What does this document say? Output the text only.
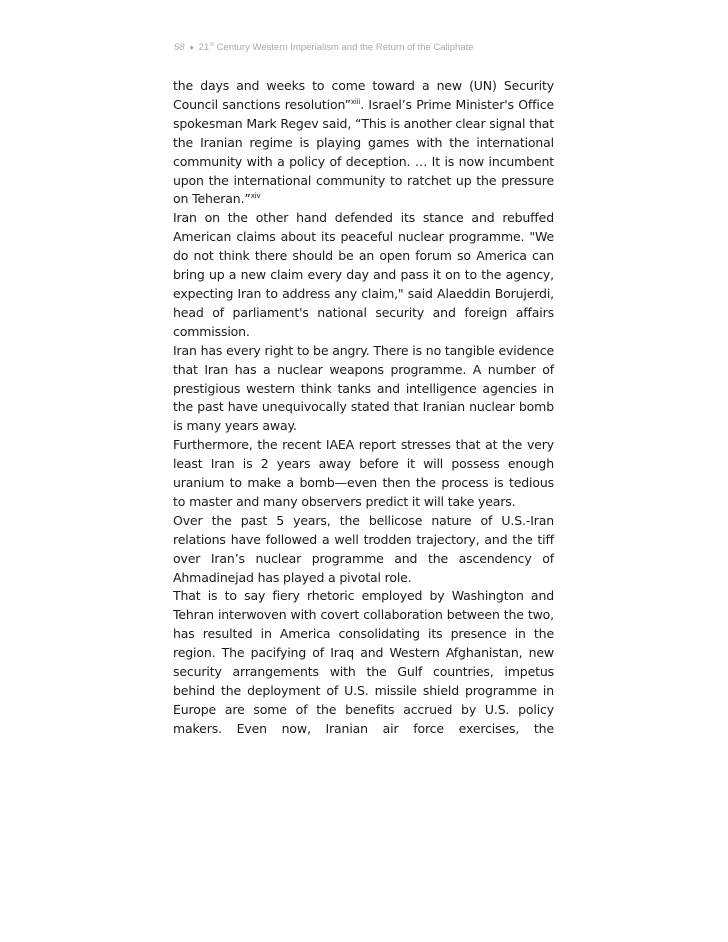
58 ♦ 21st Century Western Imperialism and the Return of the Caliphate

the days and weeks to come toward a new (UN) Security Council sanctions resolution”$^{xiii}$. Israel’s Prime Minister's Office spokesman Mark Regev said, “This is another clear signal that the Iranian regime is playing games with the international community with a policy of deception. … It is now incumbent upon the international community to ratchet up the pressure on Teheran.”$^{xiv}$

Iran on the other hand defended its stance and rebuffed American claims about its peaceful nuclear programme. "We do not think there should be an open forum so America can bring up a new claim every day and pass it on to the agency, expecting Iran to address any claim," said Alaeddin Borujerdi, head of parliament's national security and foreign affairs commission.

Iran has every right to be angry. There is no tangible evidence that Iran has a nuclear weapons programme. A number of prestigious western think tanks and intelligence agencies in the past have unequivocally stated that Iranian nuclear bomb is many years away.

Furthermore, the recent IAEA report stresses that at the very least Iran is 2 years away before it will possess enough uranium to make a bomb—even then the process is tedious to master and many observers predict it will take years.

Over the past 5 years, the bellicose nature of U.S.-Iran relations have followed a well trodden trajectory, and the tiff over Iran’s nuclear programme and the ascendency of Ahmadinejad has played a pivotal role.

That is to say fiery rhetoric employed by Washington and Tehran interwoven with covert collaboration between the two, has resulted in America consolidating its presence in the region. The pacifying of Iraq and Western Afghanistan, new security arrangements with the Gulf countries, impetus behind the deployment of U.S. missile shield programme in Europe are some of the benefits accrued by U.S. policy makers. Even now, Iranian air force exercises, the
